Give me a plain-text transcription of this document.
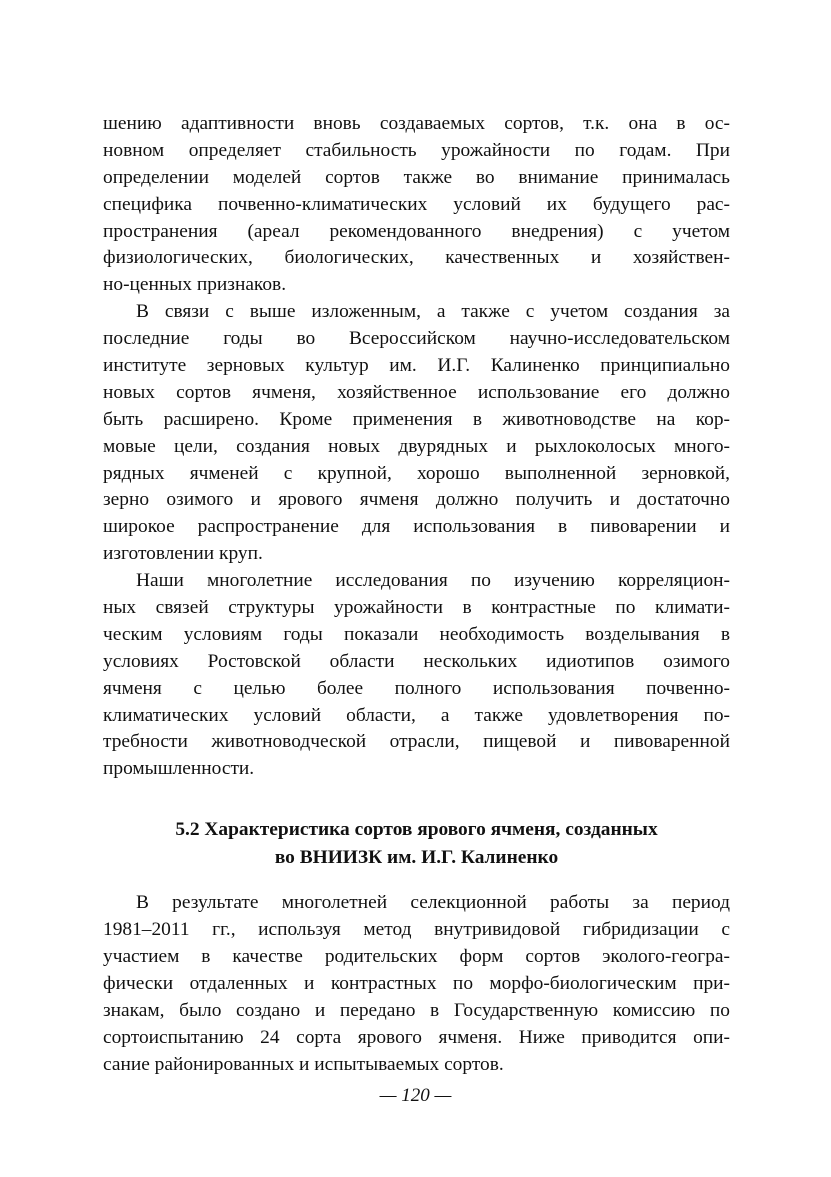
шению адаптивности вновь создаваемых сортов, т.к. она в ос-
новном определяет стабильность урожайности по годам. При
определении моделей сортов также во внимание принималась
специфика почвенно-климатических условий их будущего рас-
пространения (ареал рекомендованного внедрения) с учетом
физиологических, биологических, качественных и хозяйствен-
но-ценных признаков.

В связи с выше изложенным, а также с учетом создания за
последние годы во Всероссийском научно-исследовательском
институте зерновых культур им. И.Г. Калиненко принципиально
новых сортов ячменя, хозяйственное использование его должно
быть расширено. Кроме применения в животноводстве на кор-
мовые цели, создания новых двурядных и рыхлоколосых много-
рядных ячменей с крупной, хорошо выполненной зерновкой,
зерно озимого и ярового ячменя должно получить и достаточно
широкое распространение для использования в пивоварении и
изготовлении круп.

Наши многолетние исследования по изучению корреляцион-
ных связей структуры урожайности в контрастные по климати-
ческим условиям годы показали необходимость возделывания в
условиях Ростовской области нескольких идиотипов озимого
ячменя с целью более полного использования почвенно-
климатических условий области, а также удовлетворения по-
требности животноводческой отрасли, пищевой и пивоваренной
промышленности.

5.2 Характеристика сортов ярового ячменя, созданных
во ВНИИЗК им. И.Г. Калиненко

В результате многолетней селекционной работы за период
1981–2011 гг., используя метод внутривидовой гибридизации с
участием в качестве родительских форм сортов эколого-геогра-
фически отдаленных и контрастных по морфо-биологическим при-
знакам, было создано и передано в Государственную комиссию по
сортоиспытанию 24 сорта ярового ячменя. Ниже приводится опи-
сание районированных и испытываемых сортов.

— 120 —
